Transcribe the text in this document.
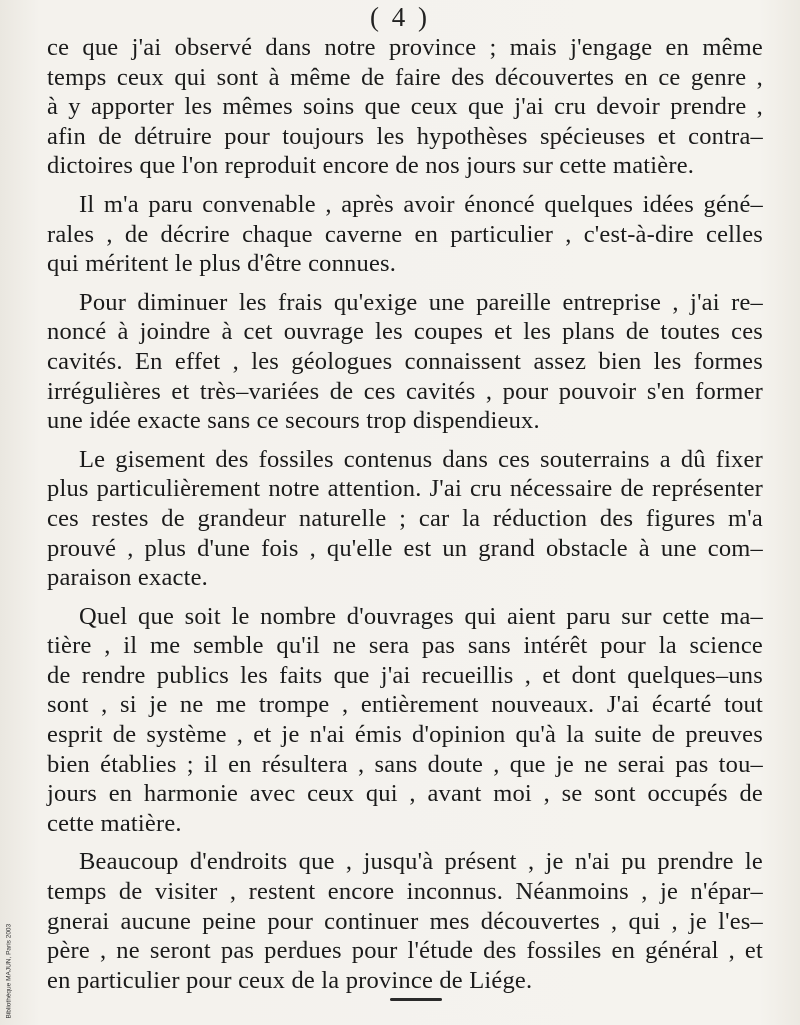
( 4 )
ce que j'ai observé dans notre province ; mais j'engage en même
temps ceux qui sont à même de faire des découvertes en ce genre ,
à y apporter les mêmes soins que ceux que j'ai cru devoir prendre ,
afin de détruire pour toujours les hypothèses spécieuses et contra–
dictoires que l'on reproduit encore de nos jours sur cette matière.
Il m'a paru convenable , après avoir énoncé quelques idées géné–
rales , de décrire chaque caverne en particulier , c'est-à-dire celles
qui méritent le plus d'être connues.
Pour diminuer les frais qu'exige une pareille entreprise , j'ai re–
noncé à joindre à cet ouvrage les coupes et les plans de toutes ces
cavités. En effet , les géologues connaissent assez bien les formes
irrégulières et très–variées de ces cavités , pour pouvoir s'en former
une idée exacte sans ce secours trop dispendieux.
Le gisement des fossiles contenus dans ces souterrains a dû fixer
plus particulièrement notre attention. J'ai cru nécessaire de représenter
ces restes de grandeur naturelle ; car la réduction des figures m'a
prouvé , plus d'une fois , qu'elle est un grand obstacle à une com–
paraison exacte.
Quel que soit le nombre d'ouvrages qui aient paru sur cette ma–
tière , il me semble qu'il ne sera pas sans intérêt pour la science
de rendre publics les faits que j'ai recueillis , et dont quelques–uns
sont , si je ne me trompe , entièrement nouveaux. J'ai écarté tout
esprit de système , et je n'ai émis d'opinion qu'à la suite de preuves
bien établies ; il en résultera , sans doute , que je ne serai pas tou–
jours en harmonie avec ceux qui , avant moi , se sont occupés de
cette matière.
Beaucoup d'endroits que , jusqu'à présent , je n'ai pu prendre le
temps de visiter , restent encore inconnus. Néanmoins , je n'épar–
gnerai aucune peine pour continuer mes découvertes , qui , je l'es–
père , ne seront pas perdues pour l'étude des fossiles en général , et
en particulier pour ceux de la province de Liége.
Bibliothèque MAJUN, Paris 2003
